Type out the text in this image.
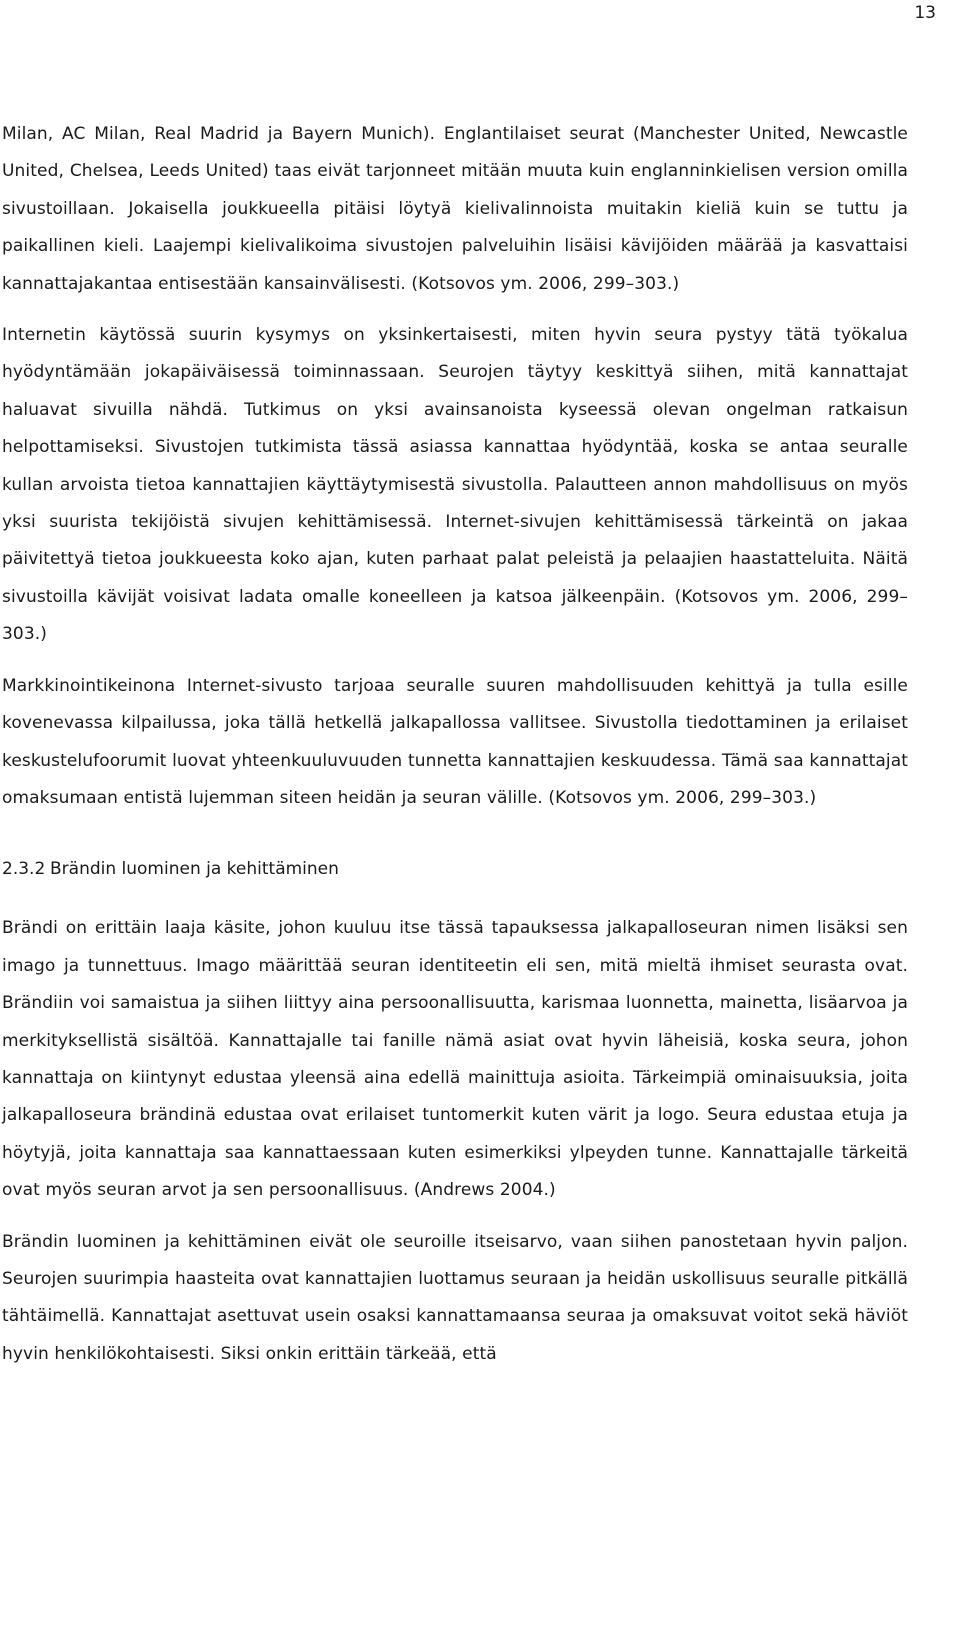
13

Milan, AC Milan, Real Madrid ja Bayern Munich). Englantilaiset seurat (Manchester United, Newcastle United, Chelsea, Leeds United) taas eivät tarjonneet mitään muuta kuin englanninkielisen version omilla sivustoillaan. Jokaisella joukkueella pitäisi löytyä kielivalinnoista muitakin kieliä kuin se tuttu ja paikallinen kieli. Laajempi kielivalikoima sivustojen palveluihin lisäisi kävijöiden määrää ja kasvattaisi kannattajakantaa entisestään kansainvälisesti. (Kotsovos ym. 2006, 299–303.)

Internetin käytössä suurin kysymys on yksinkertaisesti, miten hyvin seura pystyy tätä työkalua hyödyntämään jokapäiväisessä toiminnassaan. Seurojen täytyy keskittyä siihen, mitä kannattajat haluavat sivuilla nähdä. Tutkimus on yksi avainsanoista kyseessä olevan ongelman ratkaisun helpottamiseksi. Sivustojen tutkimista tässä asiassa kannattaa hyödyntää, koska se antaa seuralle kullan arvoista tietoa kannattajien käyttäytymisestä sivustolla. Palautteen annon mahdollisuus on myös yksi suurista tekijöistä sivujen kehittämisessä. Internet-sivujen kehittämisessä tärkeintä on jakaa päivitettyä tietoa joukkueesta koko ajan, kuten parhaat palat peleistä ja pelaajien haastatteluita. Näitä sivustoilla kävijät voisivat ladata omalle koneelleen ja katsoa jälkeenpäin. (Kotsovos ym. 2006, 299–303.)

Markkinointikeinona Internet-sivusto tarjoaa seuralle suuren mahdollisuuden kehittyä ja tulla esille kovenevassa kilpailussa, joka tällä hetkellä jalkapallossa vallitsee. Sivustolla tiedottaminen ja erilaiset keskustelufoorumit luovat yhteenkuuluvuuden tunnetta kannattajien keskuudessa. Tämä saa kannattajat omaksumaan entistä lujemman siteen heidän ja seuran välille. (Kotsovos ym. 2006, 299–303.)

2.3.2 Brändin luominen ja kehittäminen

Brändi on erittäin laaja käsite, johon kuuluu itse tässä tapauksessa jalkapalloseuran nimen lisäksi sen imago ja tunnettuus. Imago määrittää seuran identiteetin eli sen, mitä mieltä ihmiset seurasta ovat. Brändiin voi samaistua ja siihen liittyy aina persoonallisuutta, karismaa luonnetta, mainetta, lisäarvoa ja merkityksellistä sisältöä. Kannattajalle tai fanille nämä asiat ovat hyvin läheisiä, koska seura, johon kannattaja on kiintynyt edustaa yleensä aina edellä mainittuja asioita. Tärkeimpiä ominaisuuksia, joita jalkapalloseura brändinä edustaa ovat erilaiset tuntomerkit kuten värit ja logo. Seura edustaa etuja ja höytyjä, joita kannattaja saa kannattaessaan kuten esimerkiksi ylpeyden tunne. Kannattajalle tärkeitä ovat myös seuran arvot ja sen persoonallisuus. (Andrews 2004.)

Brändin luominen ja kehittäminen eivät ole seuroille itseisarvo, vaan siihen panostetaan hyvin paljon. Seurojen suurimpia haasteita ovat kannattajien luottamus seuraan ja heidän uskollisuus seuralle pitkällä tähtäimellä. Kannattajat asettuvat usein osaksi kannattamaansa seuraa ja omaksuvat voitot sekä häviöt hyvin henkilökohtaisesti. Siksi onkin erittäin tärkeää, että
